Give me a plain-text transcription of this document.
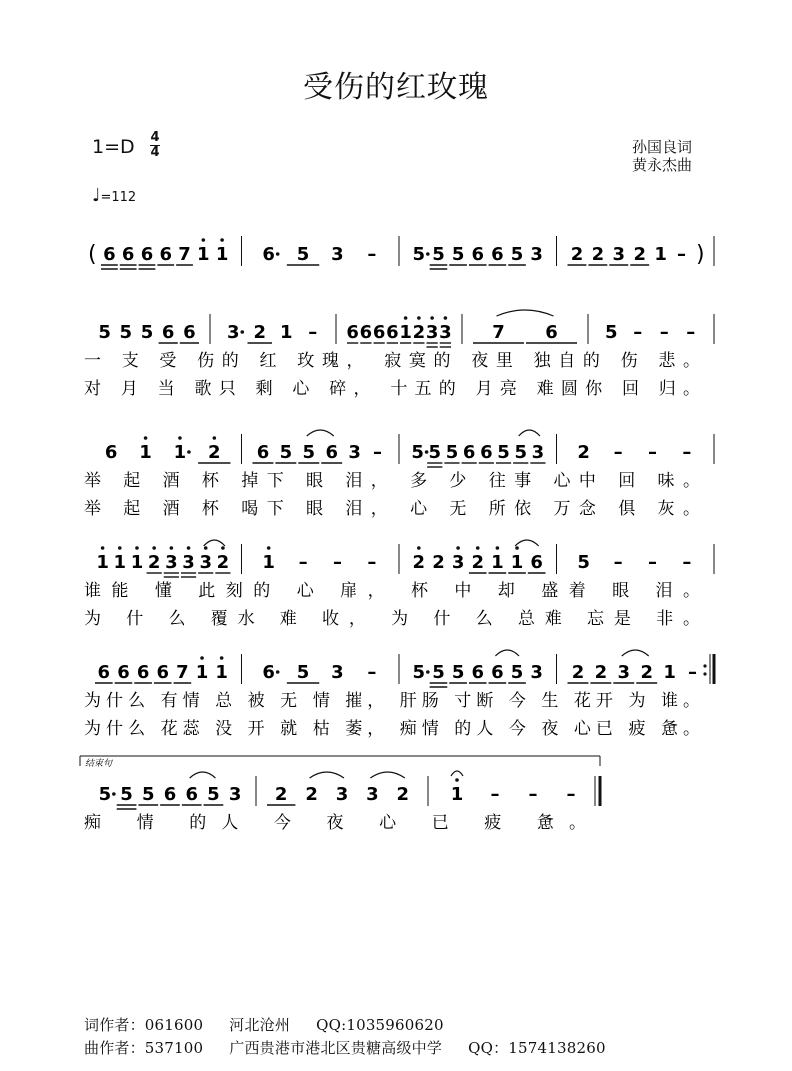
受伤的红玫瑰
1=D 4
4	孙国良词
黄永杰曲
♩=112
( 6 6 6 6 7 1 1 6 5 3 – 5 5 5 6 6 5 3 2 2 3 2 1 – )
5 5 5 6 6 3 2 1 – 6 6 6 6 1 2 3 3 7 6	5 – – –
一 支 受 伤的 红 玫瑰， 寂寞的 夜里 独自的 伤 悲。
对 月 当 歌只 剩 心 碎， 十五的 月亮 难圆你 回 归。
6 1 1 2 6 5 5 6 3 – 5 5 5 6 6 5 5 3 2 – – –
举 起 酒 杯 掉下 眼 泪， 多 少 往事 心中 回 味。
举 起 酒 杯 喝下 眼 泪， 心 无 所依 万念 俱 灰。
1 1 1 2 3 3 3 2 1 – – – 2 2 3 2 1 1 6 5 – – –
谁能 懂 此刻的 心 扉， 杯 中 却 盛着 眼 泪。
为 什 么 覆水 难 收， 为 什 么 总难 忘是 非。
6 6 6 6 7 1 1 6 5 3 – 5 5 5 6 6 5 3 2 2 3 2 1 –
为什么 有情 总 被 无 情 摧， 肝肠 寸断 今 生 花开 为 谁。
为什么 花蕊 没 开 就 枯 萎， 痴情 的人 今 夜 心已 疲 惫。
5 5 5 6 6 5 3 2 2 3 3 2 1 – – –
痴 情 的人 今 夜 心 已 疲 惫。
结束句
词作者：061600 河北沧州 QQ:1035960620
曲作者：537100 广西贵港市港北区贵糖高级中学 QQ：1574138260
